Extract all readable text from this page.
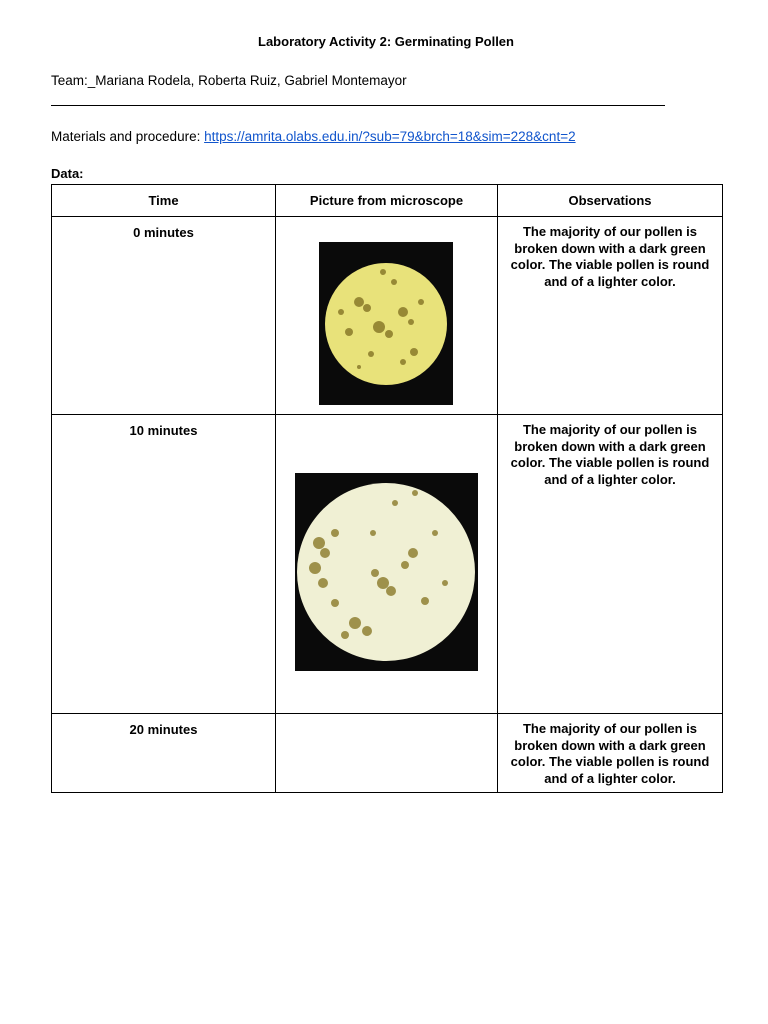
Laboratory Activity 2: Germinating Pollen
Team:_Mariana Rodela, Roberta Ruiz, Gabriel Montemayor
Materials and procedure: https://amrita.olabs.edu.in/?sub=79&brch=18&sim=228&cnt=2
Data:
Time	Picture from microscope	Observations
0 minutes		The majority of our pollen is broken down with a dark green color. The viable pollen is round and of a lighter color.
10 minutes		The majority of our pollen is broken down with a dark green color. The viable pollen is round and of a lighter color.
20 minutes		The majority of our pollen is broken down with a dark green color. The viable pollen is round and of a lighter color.
